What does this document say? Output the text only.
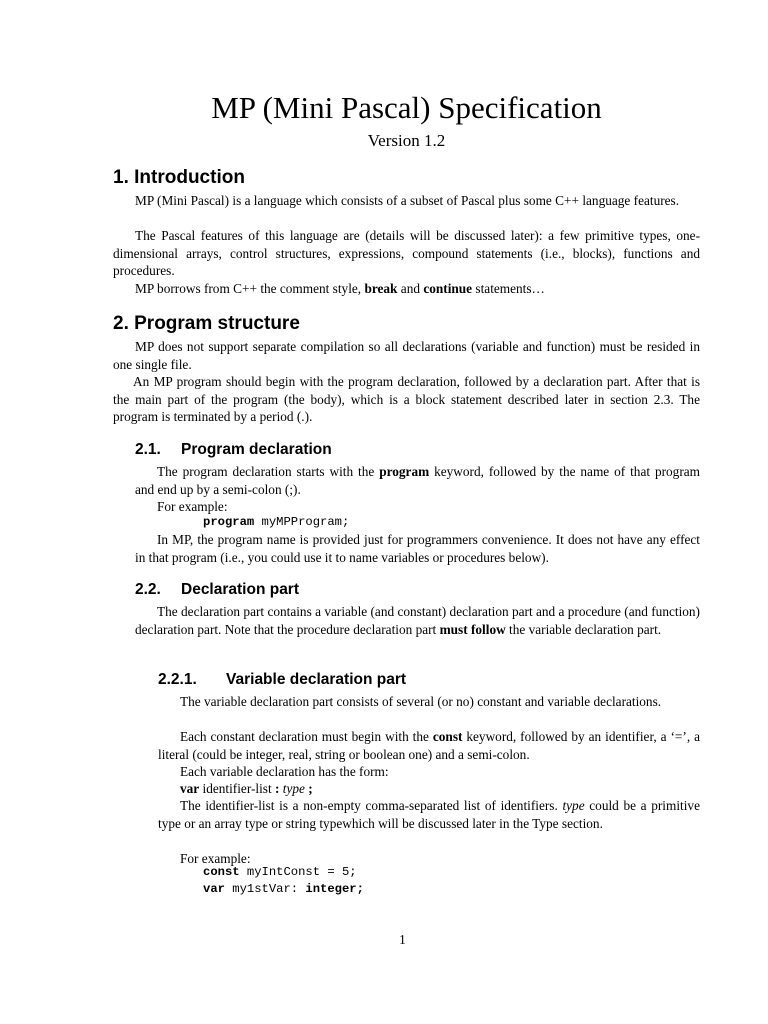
MP (Mini Pascal) Specification
Version 1.2
1. Introduction

MP (Mini Pascal) is a language which consists of a subset of Pascal plus some C++ language features.

The Pascal features of this language are (details will be discussed later): a few primitive types, one-dimensional arrays, control structures, expressions, compound statements (i.e., blocks), functions and procedures.

MP borrows from C++ the comment style, break and continue statements…

2. Program structure

MP does not support separate compilation so all declarations (variable and function) must be resided in one single file.

An MP program should begin with the program declaration, followed by a declaration part. After that is the main part of the program (the body), which is a block statement described later in section 2.3. The program is terminated by a period (.).

2.1. Program declaration

The program declaration starts with the program keyword, followed by the name of that program and end up by a semi-colon (;).

For example:

program myMPProgram;

In MP, the program name is provided just for programmers convenience. It does not have any effect in that program (i.e., you could use it to name variables or procedures below).

2.2. Declaration part

The declaration part contains a variable (and constant) declaration part and a procedure (and function) declaration part. Note that the procedure declaration part must follow the variable declaration part.

2.2.1. Variable declaration part

The variable declaration part consists of several (or no) constant and variable declarations.

Each constant declaration must begin with the const keyword, followed by an identifier, a ‘=’, a literal (could be integer, real, string or boolean one) and a semi-colon.

Each variable declaration has the form:

var identifier-list : type ;

The identifier-list is a non-empty comma-separated list of identifiers. type could be a primitive type or an array type or string typewhich will be discussed later in the Type section.

For example:

const myIntConst = 5;
var my1stVar: integer;
1
